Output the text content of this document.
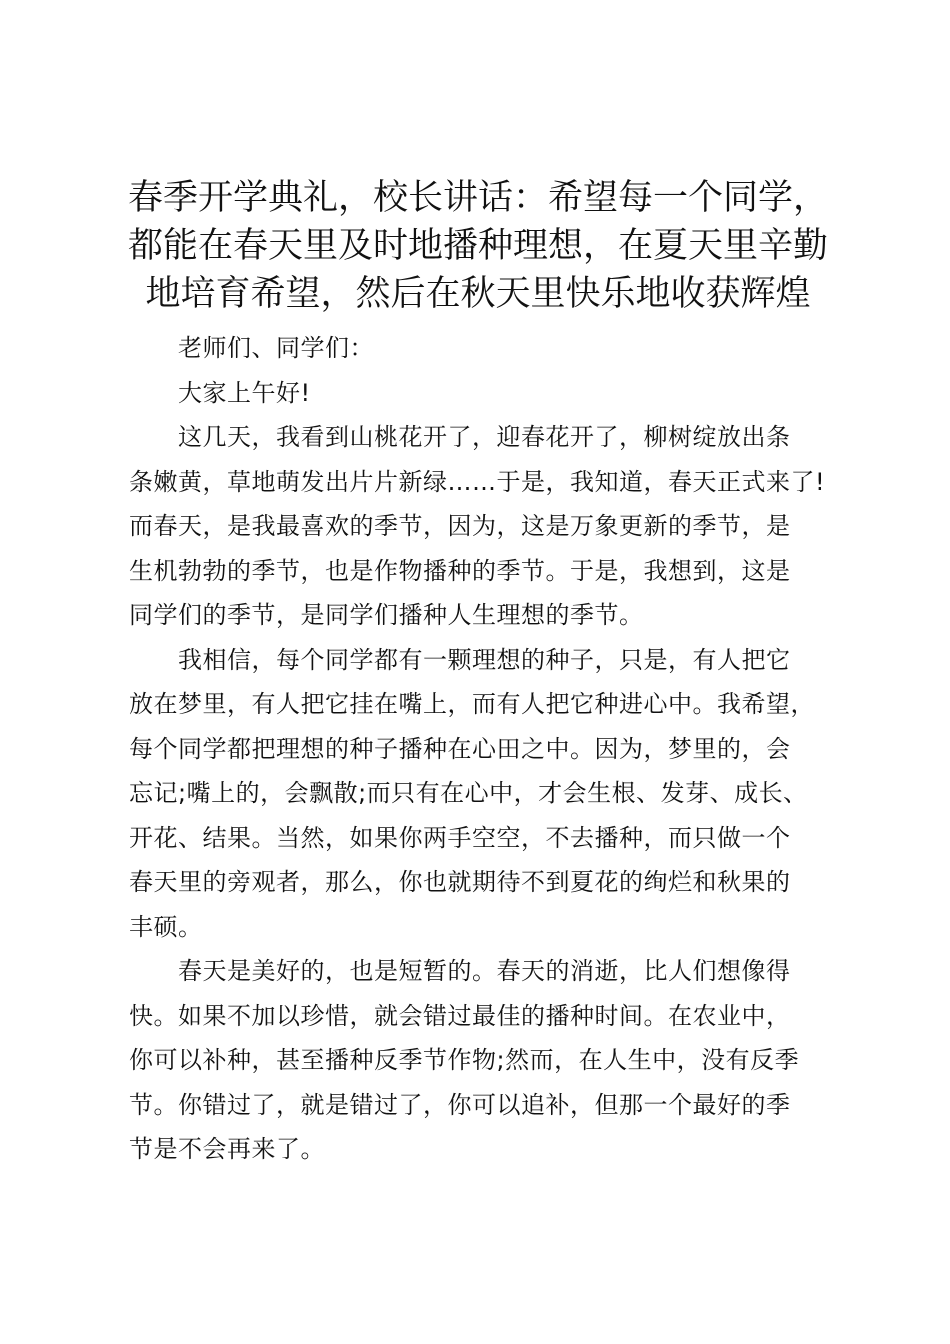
春季开学典礼，校长讲话：希望每一个同学，
都能在春天里及时地播种理想，在夏天里辛勤
地培育希望，然后在秋天里快乐地收获辉煌

老师们、同学们：

大家上午好!

这几天，我看到山桃花开了，迎春花开了，柳树绽放出条
条嫩黄，草地萌发出片片新绿……于是，我知道，春天正式来了!
而春天，是我最喜欢的季节，因为，这是万象更新的季节，是
生机勃勃的季节，也是作物播种的季节。于是，我想到，这是
同学们的季节，是同学们播种人生理想的季节。

我相信，每个同学都有一颗理想的种子，只是，有人把它
放在梦里，有人把它挂在嘴上，而有人把它种进心中。我希望，
每个同学都把理想的种子播种在心田之中。因为，梦里的，会
忘记;嘴上的，会飘散;而只有在心中，才会生根、发芽、成长、
开花、结果。当然，如果你两手空空，不去播种，而只做一个
春天里的旁观者，那么，你也就期待不到夏花的绚烂和秋果的
丰硕。

春天是美好的，也是短暂的。春天的消逝，比人们想像得
快。如果不加以珍惜，就会错过最佳的播种时间。在农业中，
你可以补种，甚至播种反季节作物;然而，在人生中，没有反季
节。你错过了，就是错过了，你可以追补，但那一个最好的季
节是不会再来了。
